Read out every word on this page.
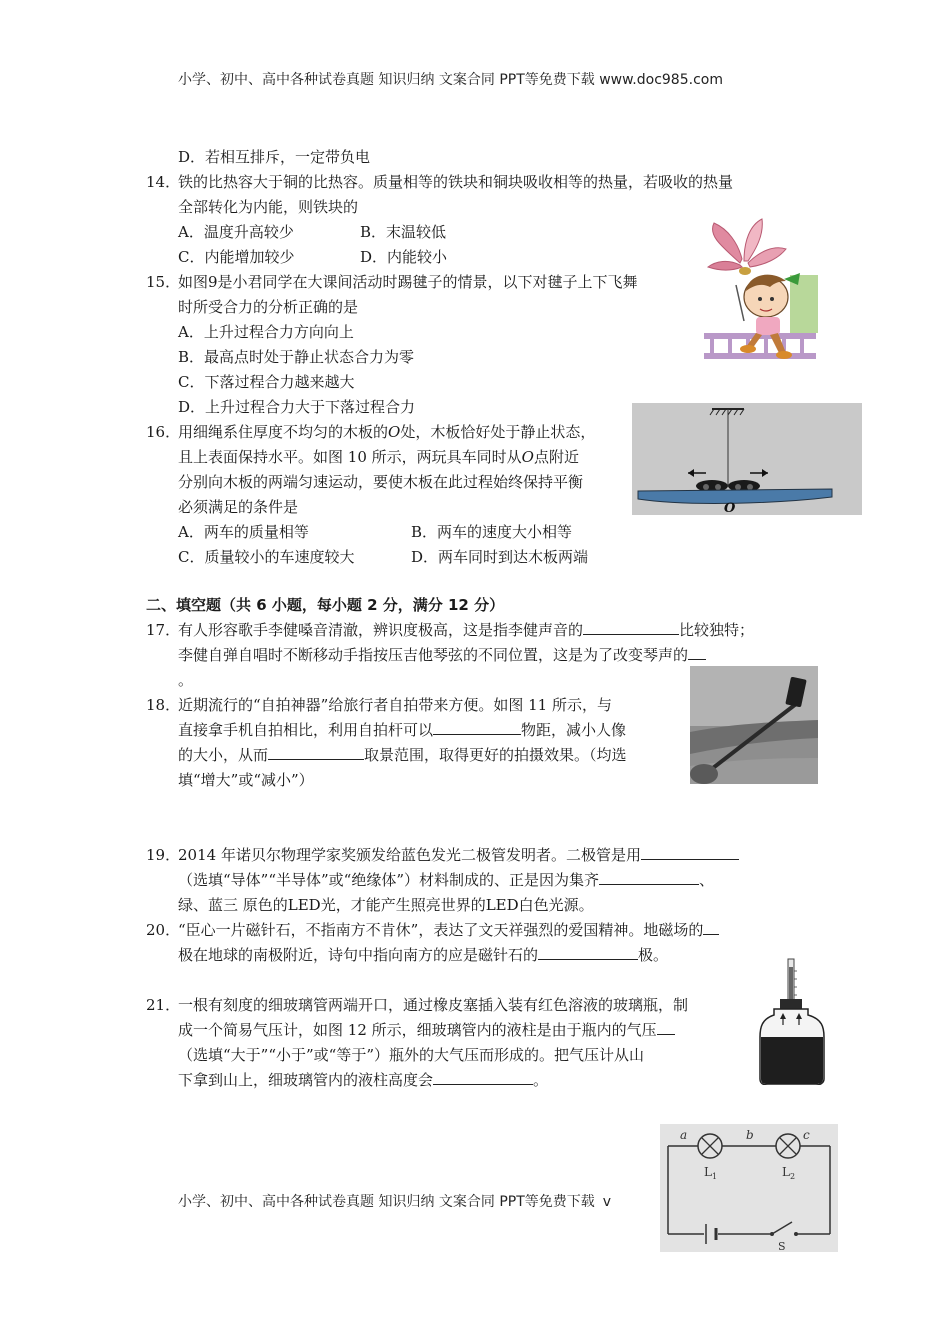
小学、初中、高中各种试卷真题 知识归纳 文案合同 PPT等免费下载 www.doc985.com
D．若相互排斥，一定带负电
14．铁的比热容大于铜的比热容。质量相等的铁块和铜块吸收相等的热量，若吸收的热量
全部转化为内能，则铁块的
A．温度升高较少	B．末温较低
C．内能增加较少	D．内能较小
15．如图9是小君同学在大课间活动时踢毽子的情景，以下对毽子上下飞舞
时所受合力的分析正确的是
A．上升过程合力方向向上
B．最高点时处于静止状态合力为零
C．下落过程合力越来越大
D．上升过程合力大于下落过程合力
16．用细绳系住厚度不均匀的木板的O处，木板恰好处于静止状态，
且上表面保持水平。如图 10 所示，两玩具车同时从O点附近
分别向木板的两端匀速运动，要使木板在此过程始终保持平衡
必须满足的条件是
A．两车的质量相等	B．两车的速度大小相等
C．质量较小的车速度较大	D．两车同时到达木板两端
O
二、填空题（共 6 小题，每小题 2 分，满分 12 分）
17．有人形容歌手李健嗓音清澈，辨识度极高，这是指李健声音的	比较独特；
李健自弹自唱时不断移动手指按压吉他琴弦的不同位置，这是为了改变琴声的
。
18．近期流行的“自拍神器”给旅行者自拍带来方便。如图 11 所示，与
直接拿手机自拍相比，利用自拍杆可以	物距，减小人像
的大小，从而	取景范围，取得更好的拍摄效果。（均选
填“增大”或“减小”）
19．2014 年诺贝尔物理学家奖颁发给蓝色发光二极管发明者。二极管是用
（选填“导体”“半导体”或“绝缘体”）材料制成的、正是因为集齐	、
绿、蓝三 原色的LED光，才能产生照亮世界的LED白色光源。
20．“臣心一片磁针石，不指南方不肯休”，表达了文天祥强烈的爱国精神。地磁场的
极在地球的南极附近，诗句中指向南方的应是磁针石的	极。
21．一根有刻度的细玻璃管两端开口，通过橡皮塞插入装有红色溶液的玻璃瓶，制
成一个简易气压计，如图 12 所示，细玻璃管内的液柱是由于瓶内的气压
（选填“大于”“小于”或“等于”）瓶外的大气压而形成的。把气压计从山
下拿到山上，细玻璃管内的液柱高度会	。
a	b	c
$L_1$	$L_2$
S
小学、初中、高中各种试卷真题 知识归纳 文案合同 PPT等免费下载 v
